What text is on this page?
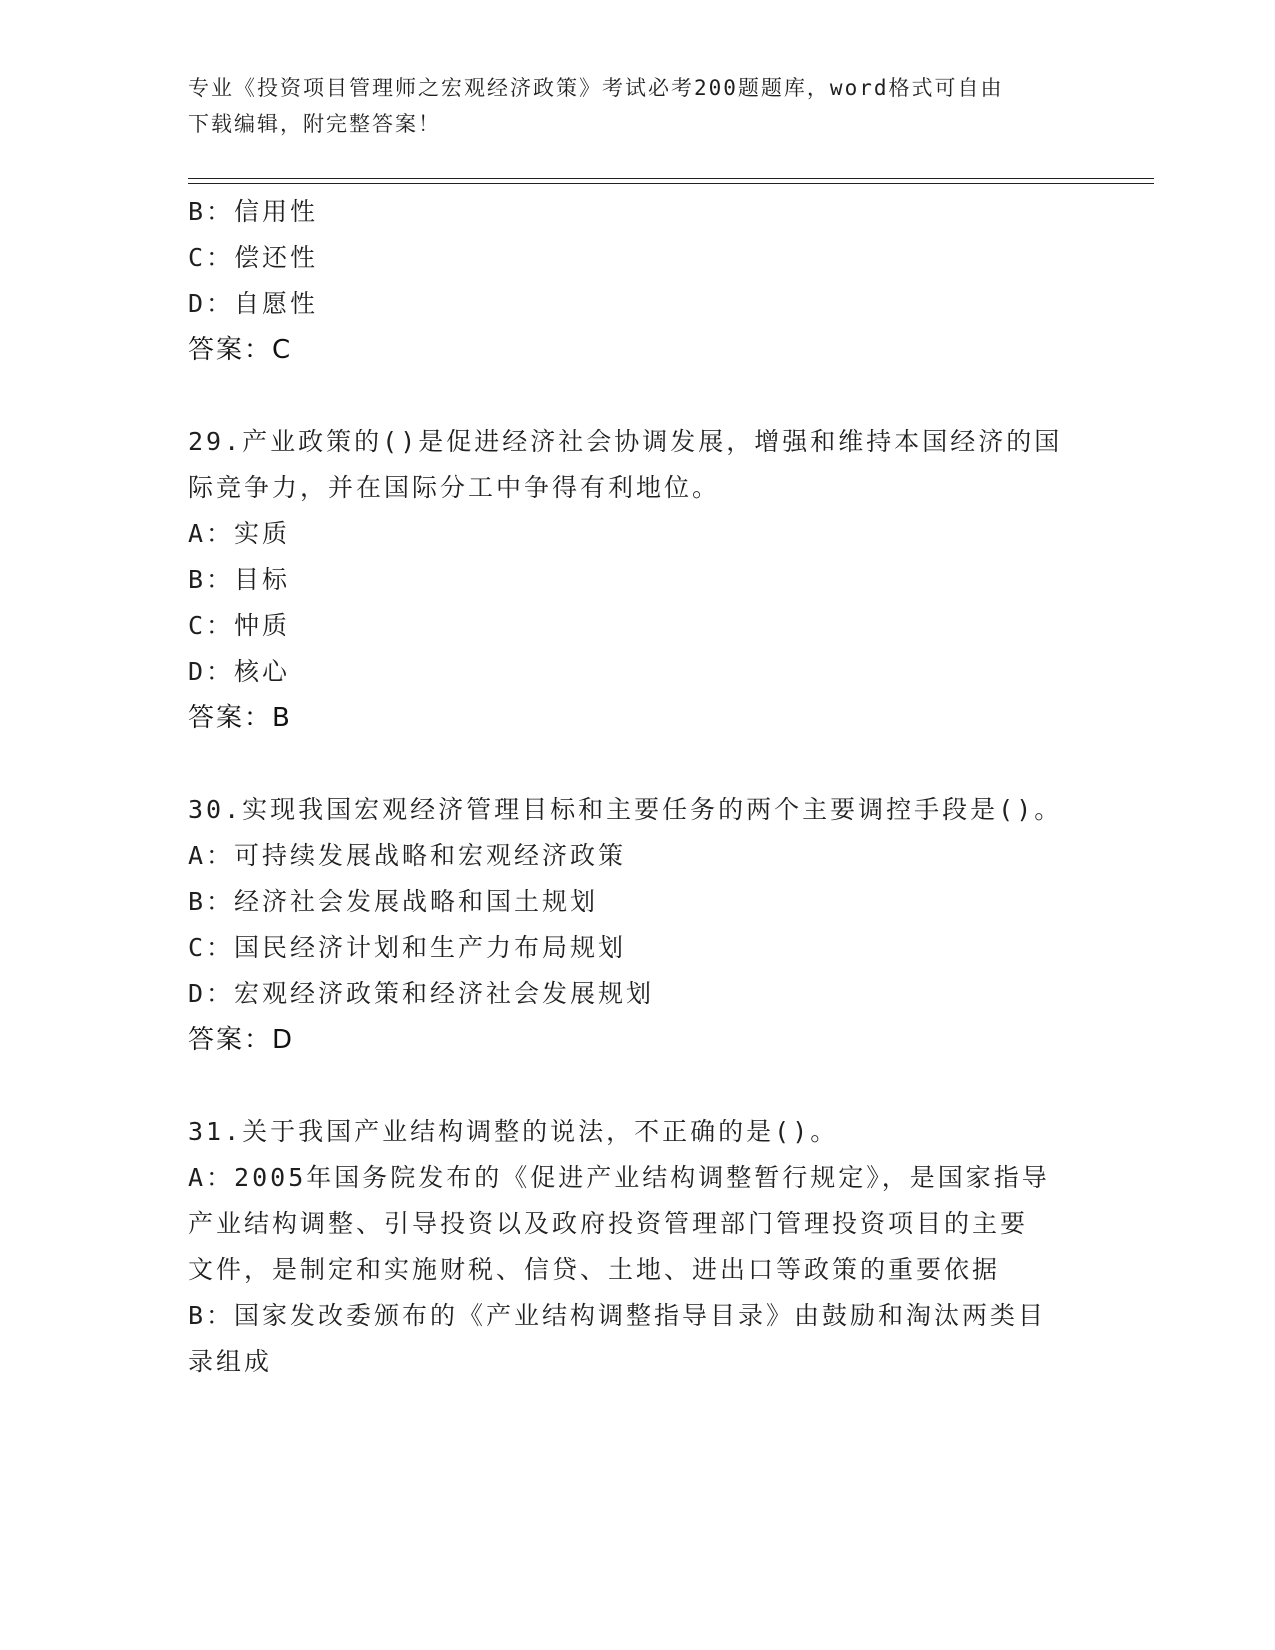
专业《投资项目管理师之宏观经济政策》考试必考200题题库，word格式可自由
下载编辑，附完整答案！
B：信用性
C：偿还性
D：自愿性
答案：C
29.产业政策的()是促进经济社会协调发展，增强和维持本国经济的国
际竞争力，并在国际分工中争得有利地位。
A：实质
B：目标
C：忡质
D：核心
答案：B
30.实现我国宏观经济管理目标和主要任务的两个主要调控手段是()。
A：可持续发展战略和宏观经济政策
B：经济社会发展战略和国土规划
C：国民经济计划和生产力布局规划
D：宏观经济政策和经济社会发展规划
答案：D
31.关于我国产业结构调整的说法，不正确的是()。
A：2005年国务院发布的《促进产业结构调整暂行规定》，是国家指导
产业结构调整、引导投资以及政府投资管理部门管理投资项目的主要
文件，是制定和实施财税、信贷、土地、进出口等政策的重要依据
B：国家发改委颁布的《产业结构调整指导目录》由鼓励和淘汰两类目
录组成
